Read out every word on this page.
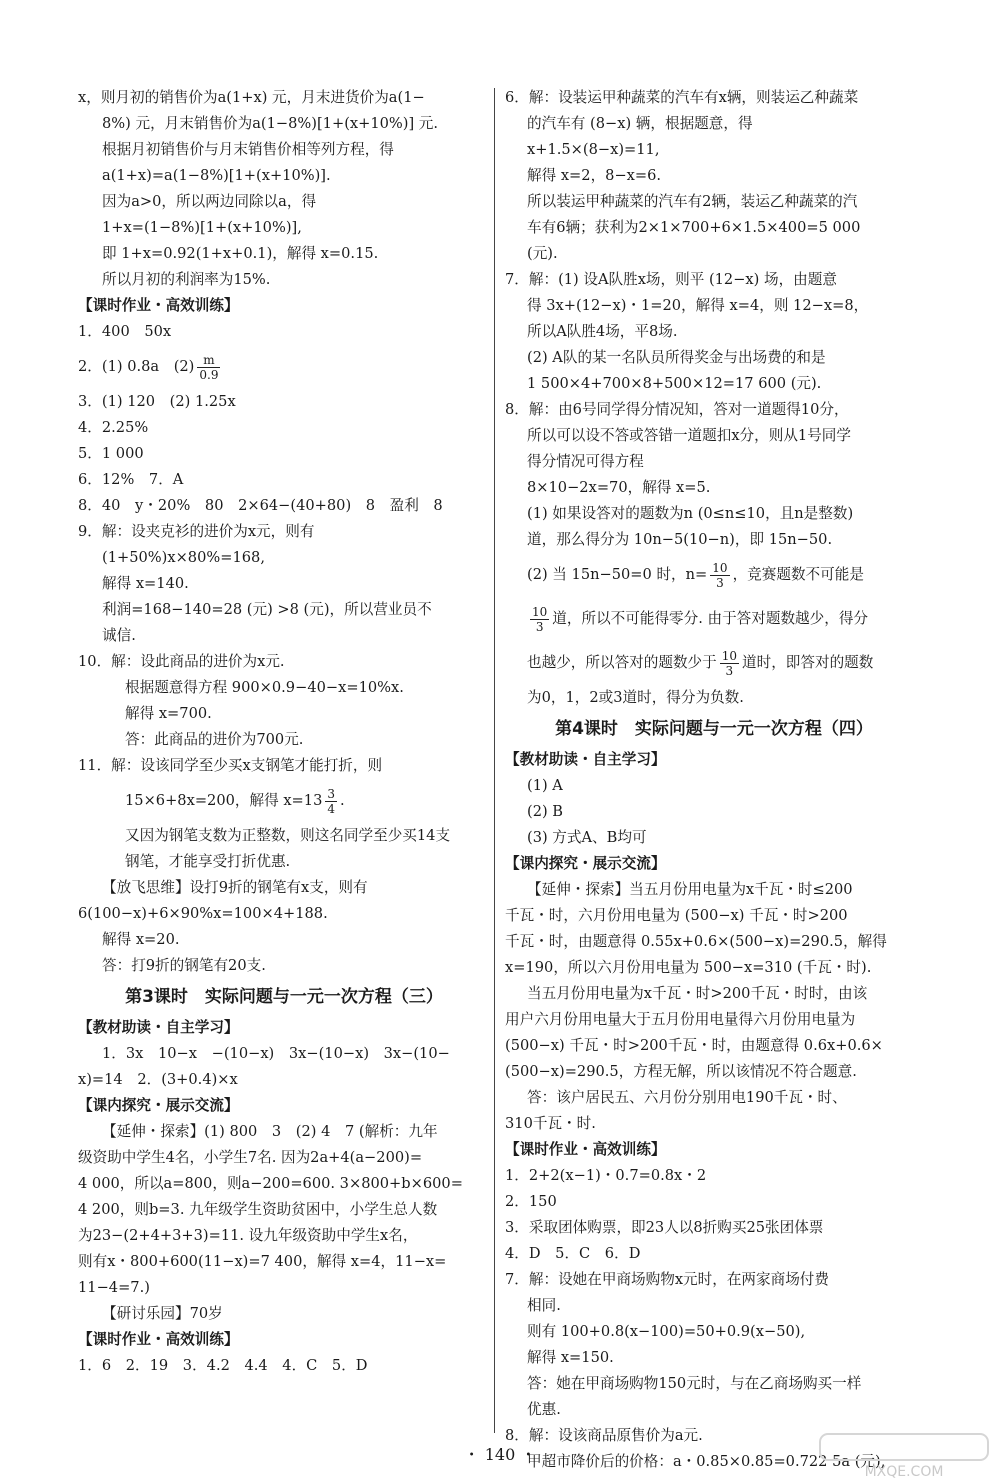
x，则月初的销售价为a(1+x) 元，月末进货价为a(1−
8%) 元，月末销售价为a(1−8%)[1+(x+10%)] 元.
根据月初销售价与月末销售价相等列方程，得
a(1+x)=a(1−8%)[1+(x+10%)].
因为a>0，所以两边同除以a，得
1+x=(1−8%)[1+(x+10%)],
即 1+x=0.92(1+x+0.1)，解得 x=0.15.
所以月初的利润率为15%.
【课时作业・高效训练】
1．400　50x
2．(1) 0.8a　$(2) \frac{m}{0.9}$
3．(1) 120　(2) 1.25x
4．2.25%
5．1 000
6．12%　7．A
8．40　y・20%　80　2×64−(40+80)　8　盈利　8
9．解：设夹克衫的进价为x元，则有
(1+50%)x×80%=168,
解得 x=140.
利润=168−140=28 (元) >8 (元)，所以营业员不
诚信.
10．解：设此商品的进价为x元.
根据题意得方程 900×0.9−40−x=10%x.
解得 x=700.
答：此商品的进价为700元.
11．解：设该同学至少买x支钢笔才能打折，则
15×6+8x=200，解得 $x=13 \frac{3}{4}$ .
又因为钢笔支数为正整数，则这名同学至少买14支
钢笔，才能享受打折优惠.
【放飞思维】设打9折的钢笔有x支，则有
6(100−x)+6×90%x=100×4+188.
解得 x=20.
答：打9折的钢笔有20支.
第3课时　实际问题与一元一次方程（三）
【教材助读・自主学习】
1．3x　10−x　−(10−x)　3x−(10−x)　3x−(10−
x)=14　2．(3+0.4)×x
【课内探究・展示交流】
【延伸・探索】(1) 800　3　(2) 4　7 (解析：九年
级资助中学生4名，小学生7名. 因为2a+4(a−200)=
4 000，所以a=800，则a−200=600. 3×800+b×600=
4 200，则b=3. 九年级学生资助贫困中，小学生总人数
为23−(2+4+3+3)=11. 设九年级资助中学生x名，
则有x・800+600(11−x)=7 400，解得 x=4，11−x=
11−4=7.)
【研讨乐园】70岁
【课时作业・高效训练】
1．6　2．19　3．4.2　4.4　4．C　5．D
6．解：设装运甲种蔬菜的汽车有x辆，则装运乙种蔬菜
的汽车有 (8−x) 辆，根据题意，得
x+1.5×(8−x)=11,
解得 x=2，8−x=6.
所以装运甲种蔬菜的汽车有2辆，装运乙种蔬菜的汽
车有6辆；获利为2×1×700+6×1.5×400=5 000
(元).
7．解：(1) 设A队胜x场，则平 (12−x) 场，由题意
得 3x+(12−x)・1=20，解得 x=4，则 12−x=8，
所以A队胜4场，平8场.
(2) A队的某一名队员所得奖金与出场费的和是
1 500×4+700×8+500×12=17 600 (元).
8．解：由6号同学得分情况知，答对一道题得10分，
所以可以设不答或答错一道题扣x分，则从1号同学
得分情况可得方程
8×10−2x=70，解得 x=5.
(1) 如果设答对的题数为n (0≤n≤10，且n是整数)
道，那么得分为 10n−5(10−n)，即 15n−50.
(2) 当 15n−50=0 时，$n= \frac{10}{3}$ ，竞赛题数不可能是
$\frac{10}{3}$ 道，所以不可能得零分. 由于答对题数越少，得分
也越少，所以答对的题数少于 $\frac{10}{3}$ 道时，即答对的题数
为0，1，2或3道时，得分为负数.
第4课时　实际问题与一元一次方程（四）
【教材助读・自主学习】
(1) A
(2) B
(3) 方式A、B均可
【课内探究・展示交流】
【延伸・探索】当五月份用电量为x千瓦・时≤200
千瓦・时，六月份用电量为 (500−x) 千瓦・时>200
千瓦・时，由题意得 0.55x+0.6×(500−x)=290.5，解得
x=190，所以六月份用电量为 500−x=310 (千瓦・时).
当五月份用电量为x千瓦・时>200千瓦・时时，由该
用户六月份用电量大于五月份用电量得六月份用电量为
(500−x) 千瓦・时>200千瓦・时，由题意得 0.6x+0.6×
(500−x)=290.5，方程无解，所以该情况不符合题意.
答：该户居民五、六月份分别用电190千瓦・时、
310千瓦・时.
【课时作业・高效训练】
1．2+2(x−1)・0.7=0.8x・2
2．150
3．采取团体购票，即23人以8折购买25张团体票
4．D　5．C　6．D
7．解：设她在甲商场购物x元时，在两家商场付费
相同.
则有 100+0.8(x−100)=50+0.9(x−50),
解得 x=150.
答：她在甲商场购物150元时，与在乙商场购买一样
优惠.
8．解：设该商品原售价为a元.
甲超市降价后的价格：a・0.85×0.85=0.722 5a (元),
・ 140 ・
MXQE.COM
